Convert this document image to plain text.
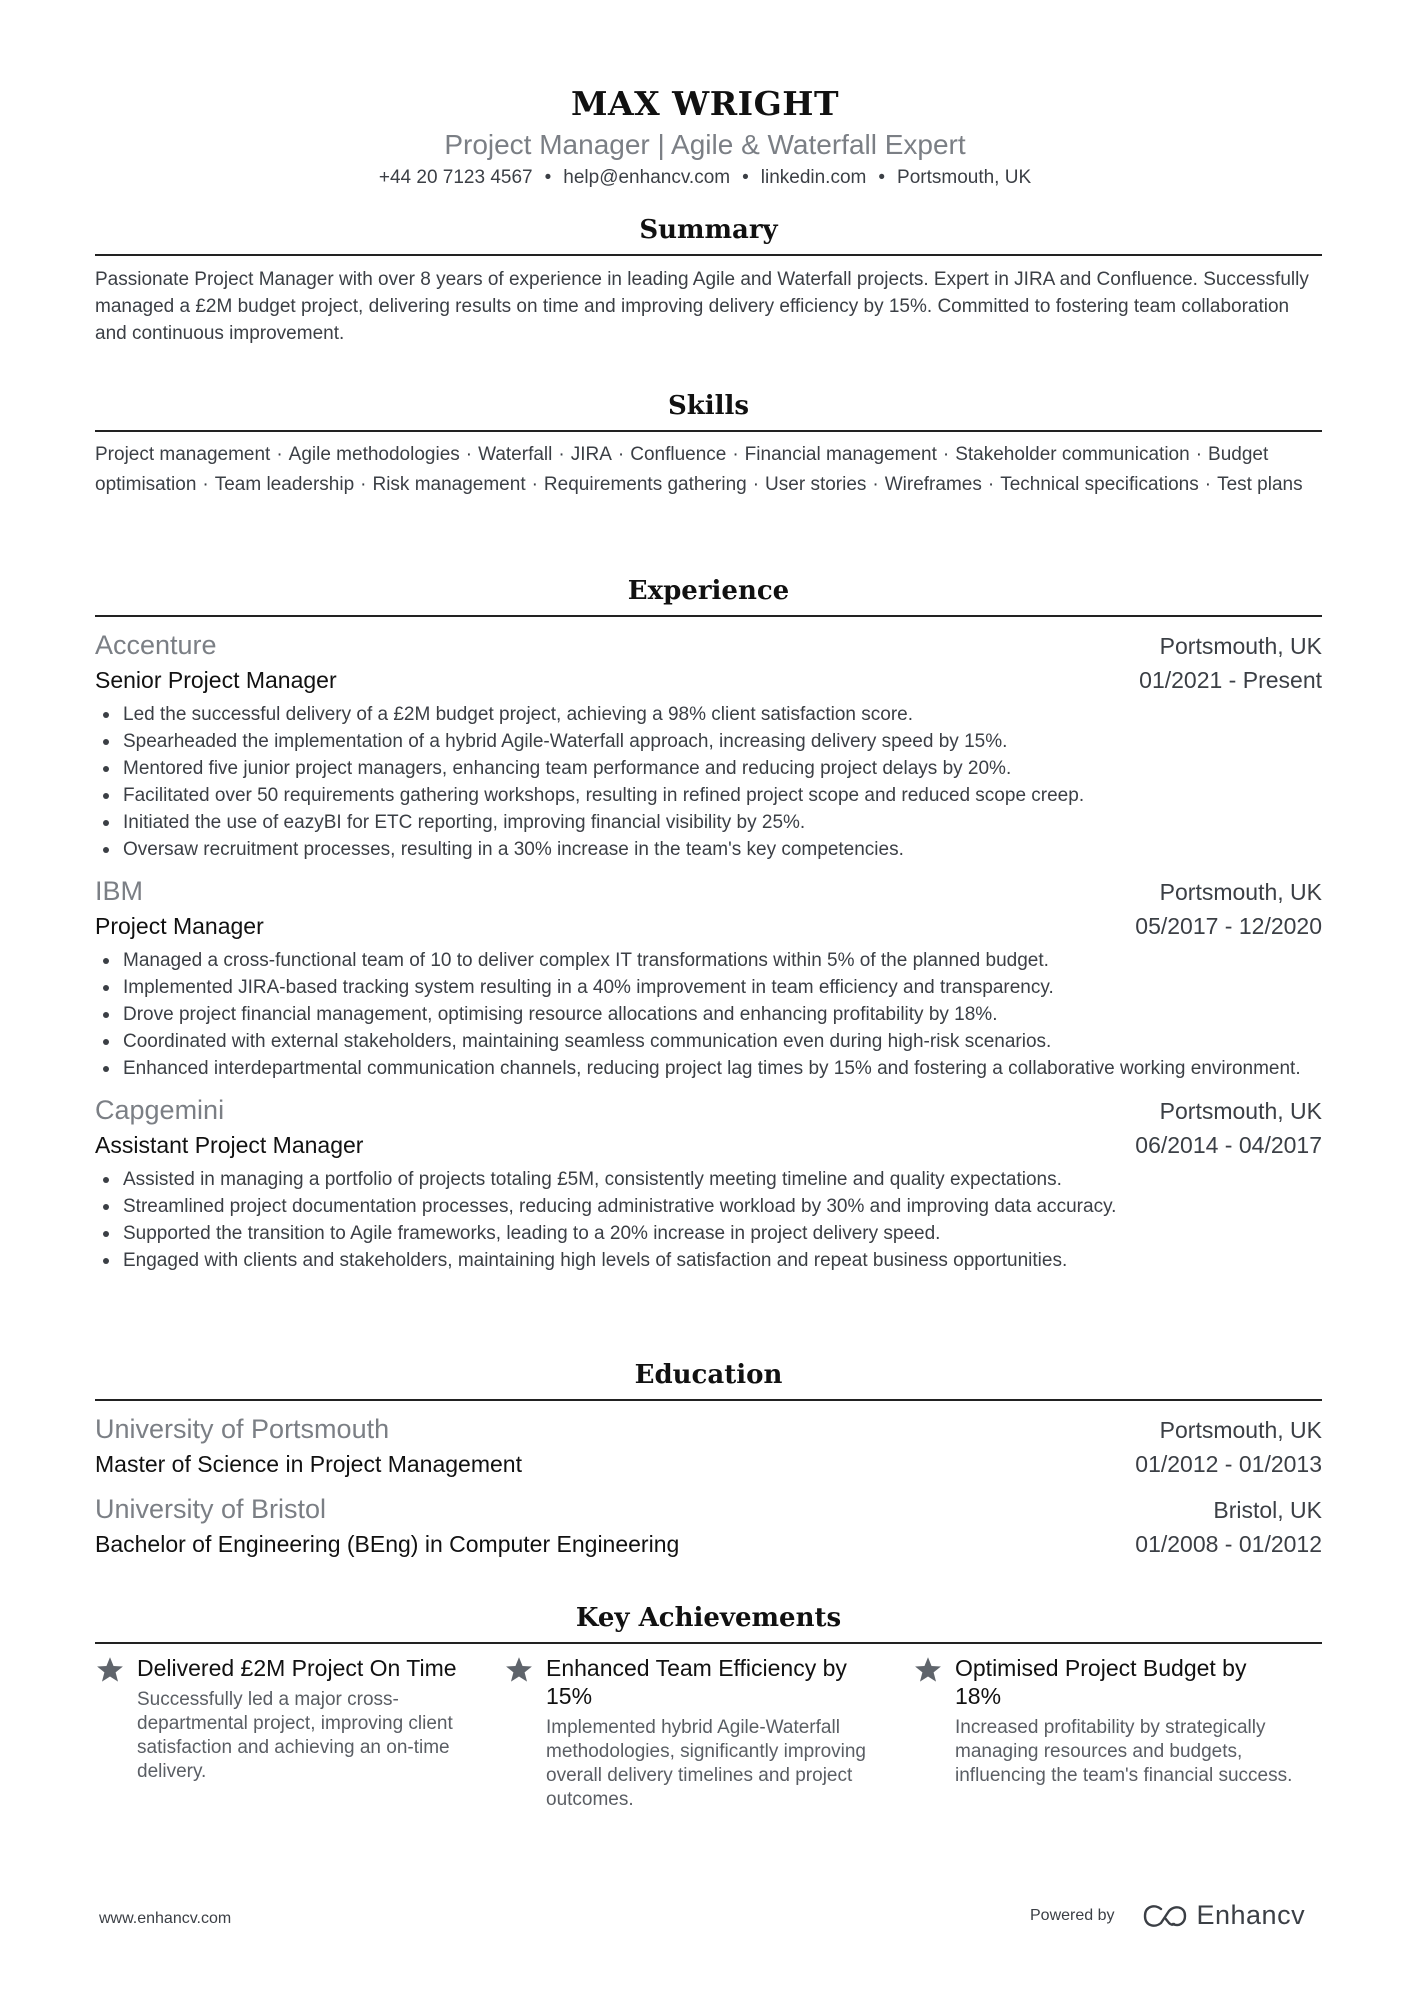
MAX WRIGHT
Project Manager | Agile & Waterfall Expert
+44 20 7123 4567 • help@enhancv.com • linkedin.com • Portsmouth, UK
Summary
Passionate Project Manager with over 8 years of experience in leading Agile and Waterfall projects. Expert in JIRA and Confluence. Successfully managed a £2M budget project, delivering results on time and improving delivery efficiency by 15%. Committed to fostering team collaboration and continuous improvement.
Skills
Project management · Agile methodologies · Waterfall · JIRA · Confluence · Financial management · Stakeholder communication · Budget optimisation · Team leadership · Risk management · Requirements gathering · User stories · Wireframes · Technical specifications · Test plans
Experience
Accenture	Portsmouth, UK
Senior Project Manager	01/2021 - Present
Led the successful delivery of a £2M budget project, achieving a 98% client satisfaction score.
Spearheaded the implementation of a hybrid Agile-Waterfall approach, increasing delivery speed by 15%.
Mentored five junior project managers, enhancing team performance and reducing project delays by 20%.
Facilitated over 50 requirements gathering workshops, resulting in refined project scope and reduced scope creep.
Initiated the use of eazyBI for ETC reporting, improving financial visibility by 25%.
Oversaw recruitment processes, resulting in a 30% increase in the team's key competencies.
IBM	Portsmouth, UK
Project Manager	05/2017 - 12/2020
Managed a cross-functional team of 10 to deliver complex IT transformations within 5% of the planned budget.
Implemented JIRA-based tracking system resulting in a 40% improvement in team efficiency and transparency.
Drove project financial management, optimising resource allocations and enhancing profitability by 18%.
Coordinated with external stakeholders, maintaining seamless communication even during high-risk scenarios.
Enhanced interdepartmental communication channels, reducing project lag times by 15% and fostering a collaborative working environment.
Capgemini	Portsmouth, UK
Assistant Project Manager	06/2014 - 04/2017
Assisted in managing a portfolio of projects totaling £5M, consistently meeting timeline and quality expectations.
Streamlined project documentation processes, reducing administrative workload by 30% and improving data accuracy.
Supported the transition to Agile frameworks, leading to a 20% increase in project delivery speed.
Engaged with clients and stakeholders, maintaining high levels of satisfaction and repeat business opportunities.
Education
University of Portsmouth	Portsmouth, UK
Master of Science in Project Management	01/2012 - 01/2013
University of Bristol	Bristol, UK
Bachelor of Engineering (BEng) in Computer Engineering	01/2008 - 01/2012
Key Achievements
Delivered £2M Project On Time
Successfully led a major cross-departmental project, improving client satisfaction and achieving an on-time delivery.
Enhanced Team Efficiency by 15%
Implemented hybrid Agile-Waterfall methodologies, significantly improving overall delivery timelines and project outcomes.
Optimised Project Budget by 18%
Increased profitability by strategically managing resources and budgets, influencing the team's financial success.
www.enhancv.com	Powered by	Enhancv
